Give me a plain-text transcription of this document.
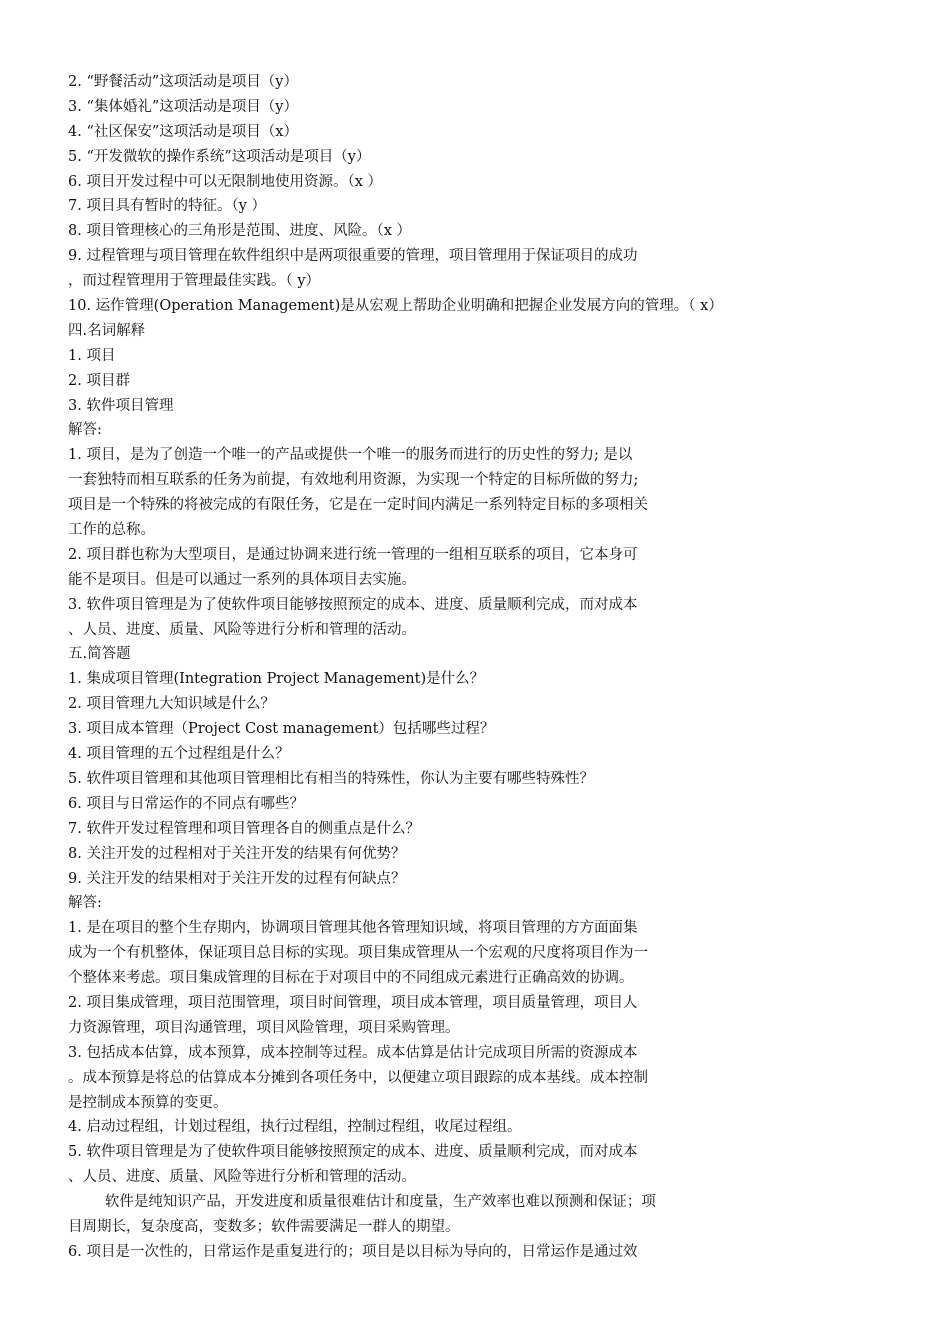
2. “野餐活动”这项活动是项目（y）
3. “集体婚礼”这项活动是项目（y）
4. “社区保安”这项活动是项目（x）
5. “开发微软的操作系统”这项活动是项目（y）
6. 项目开发过程中可以无限制地使用资源。（x ）
7. 项目具有暂时的特征。（y ）
8. 项目管理核心的三角形是范围、进度、风险。（x ）
9. 过程管理与项目管理在软件组织中是两项很重要的管理，项目管理用于保证项目的成功
，而过程管理用于管理最佳实践。（ y）
10. 运作管理(Operation Management)是从宏观上帮助企业明确和把握企业发展方向的管理。（ x）
四.名词解释
1. 项目
2. 项目群
3. 软件项目管理
解答:
1. 项目，是为了创造一个唯一的产品或提供一个唯一的服务而进行的历史性的努力; 是以
一套独特而相互联系的任务为前提，有效地利用资源，为实现一个特定的目标所做的努力;
项目是一个特殊的将被完成的有限任务，它是在一定时间内满足一系列特定目标的多项相关
工作的总称。
2. 项目群也称为大型项目，是通过协调来进行统一管理的一组相互联系的项目，它本身可
能不是项目。但是可以通过一系列的具体项目去实施。
3. 软件项目管理是为了使软件项目能够按照预定的成本、进度、质量顺利完成，而对成本
、人员、进度、质量、风险等进行分析和管理的活动。
五.简答题
1. 集成项目管理(Integration Project Management)是什么？
2. 项目管理九大知识域是什么？
3. 项目成本管理（Project Cost management）包括哪些过程？
4. 项目管理的五个过程组是什么？
5. 软件项目管理和其他项目管理相比有相当的特殊性，你认为主要有哪些特殊性？
6. 项目与日常运作的不同点有哪些？
7. 软件开发过程管理和项目管理各自的侧重点是什么？
8. 关注开发的过程相对于关注开发的结果有何优势？
9. 关注开发的结果相对于关注开发的过程有何缺点？
解答:
1. 是在项目的整个生存期内，协调项目管理其他各管理知识域，将项目管理的方方面面集
成为一个有机整体，保证项目总目标的实现。项目集成管理从一个宏观的尺度将项目作为一
个整体来考虑。项目集成管理的目标在于对项目中的不同组成元素进行正确高效的协调。
2. 项目集成管理，项目范围管理，项目时间管理，项目成本管理，项目质量管理，项目人
力资源管理，项目沟通管理，项目风险管理，项目采购管理。
3. 包括成本估算，成本预算，成本控制等过程。成本估算是估计完成项目所需的资源成本
。成本预算是将总的估算成本分摊到各项任务中，以便建立项目跟踪的成本基线。成本控制
是控制成本预算的变更。
4. 启动过程组，计划过程组，执行过程组，控制过程组，收尾过程组。
5. 软件项目管理是为了使软件项目能够按照预定的成本、进度、质量顺利完成，而对成本
、人员、进度、质量、风险等进行分析和管理的活动。
软件是纯知识产品，开发进度和质量很难估计和度量，生产效率也难以预测和保证；项
目周期长，复杂度高，变数多；软件需要满足一群人的期望。
6. 项目是一次性的，日常运作是重复进行的；项目是以目标为导向的，日常运作是通过效
